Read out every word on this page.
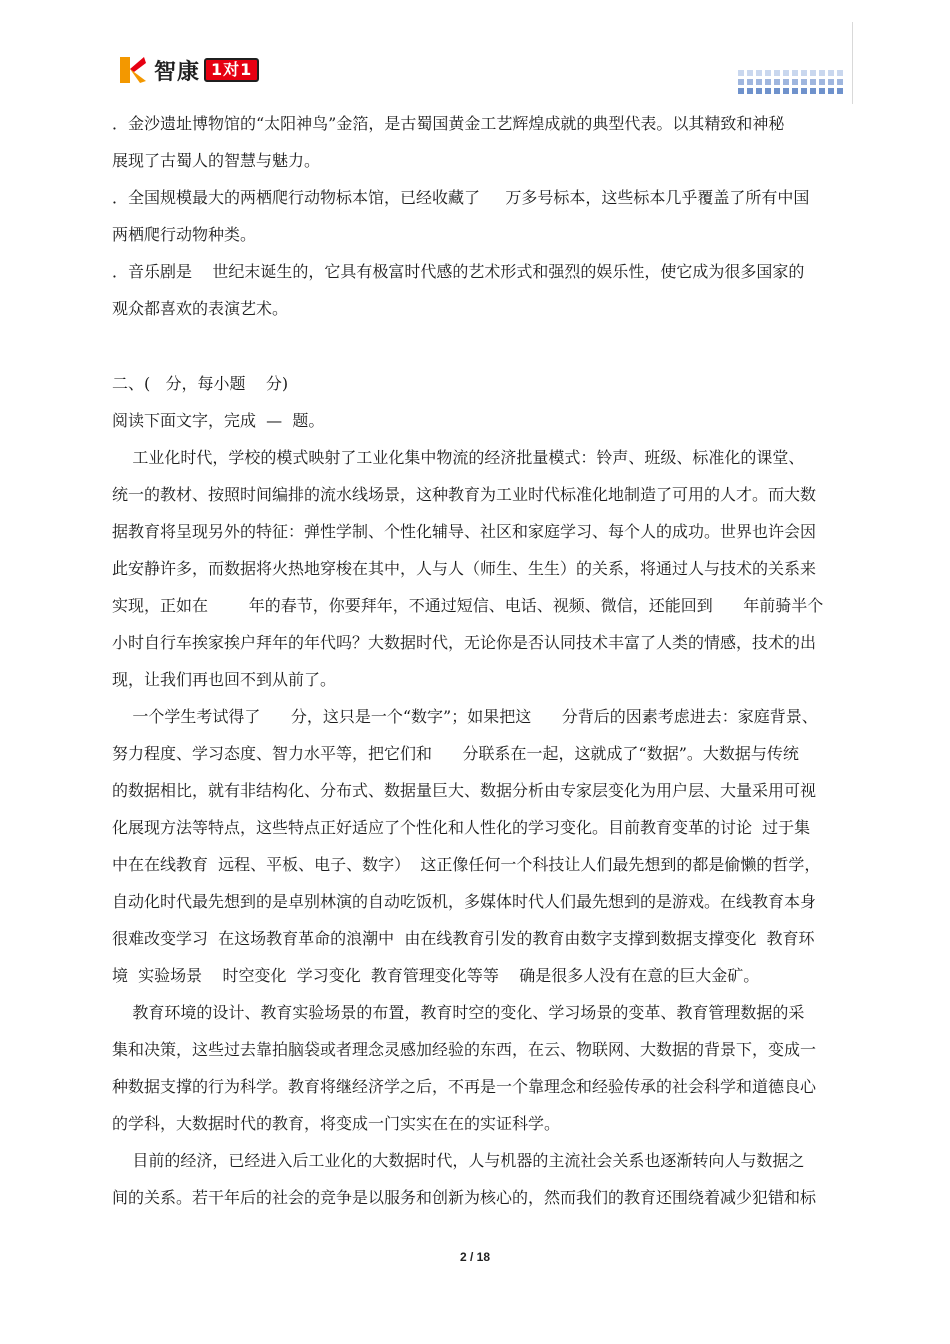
智康 1对1
．金沙遗址博物馆的“太阳神鸟”金箔，是古蜀国黄金工艺辉煌成就的典型代表。以其精致和神秘
展现了古蜀人的智慧与魅力。
．全国规模最大的两栖爬行动物标本馆，已经收藏了     万多号标本，这些标本几乎覆盖了所有中国
两栖爬行动物种类。
．音乐剧是    世纪末诞生的，它具有极富时代感的艺术形式和强烈的娱乐性，使它成为很多国家的
观众都喜欢的表演艺术。
二、(   分，每小题    分)
阅读下面文字，完成  —  题。
工业化时代，学校的模式映射了工业化集中物流的经济批量模式：铃声、班级、标准化的课堂、
统一的教材、按照时间编排的流水线场景，这种教育为工业时代标准化地制造了可用的人才。而大数
据教育将呈现另外的特征：弹性学制、个性化辅导、社区和家庭学习、每个人的成功。世界也许会因
此安静许多，而数据将火热地穿梭在其中，人与人（师生、生生）的关系，将通过人与技术的关系来
实现，正如在        年的春节，你要拜年，不通过短信、电话、视频、微信，还能回到      年前骑半个
小时自行车挨家挨户拜年的年代吗？大数据时代，无论你是否认同技术丰富了人类的情感，技术的出
现，让我们再也回不到从前了。
一个学生考试得了      分，这只是一个“数字”；如果把这      分背后的因素考虑进去：家庭背景、
努力程度、学习态度、智力水平等，把它们和      分联系在一起，这就成了“数据”。大数据与传统
的数据相比，就有非结构化、分布式、数据量巨大、数据分析由专家层变化为用户层、大量采用可视
化展现方法等特点，这些特点正好适应了个性化和人性化的学习变化。目前教育变革的讨论  过于集
中在在线教育  远程、平板、电子、数字）  这正像任何一个科技让人们最先想到的都是偷懒的哲学，
自动化时代最先想到的是卓别林演的自动吃饭机，多媒体时代人们最先想到的是游戏。在线教育本身
很难改变学习  在这场教育革命的浪潮中  由在线教育引发的教育由数字支撑到数据支撑变化  教育环
境  实验场景    时空变化  学习变化  教育管理变化等等    确是很多人没有在意的巨大金矿。
教育环境的设计、教育实验场景的布置，教育时空的变化、学习场景的变革、教育管理数据的采
集和决策，这些过去靠拍脑袋或者理念灵感加经验的东西，在云、物联网、大数据的背景下，变成一
种数据支撑的行为科学。教育将继经济学之后，不再是一个靠理念和经验传承的社会科学和道德良心
的学科，大数据时代的教育，将变成一门实实在在的实证科学。
目前的经济，已经进入后工业化的大数据时代，人与机器的主流社会关系也逐渐转向人与数据之
间的关系。若干年后的社会的竞争是以服务和创新为核心的，然而我们的教育还围绕着减少犯错和标
2 / 18
